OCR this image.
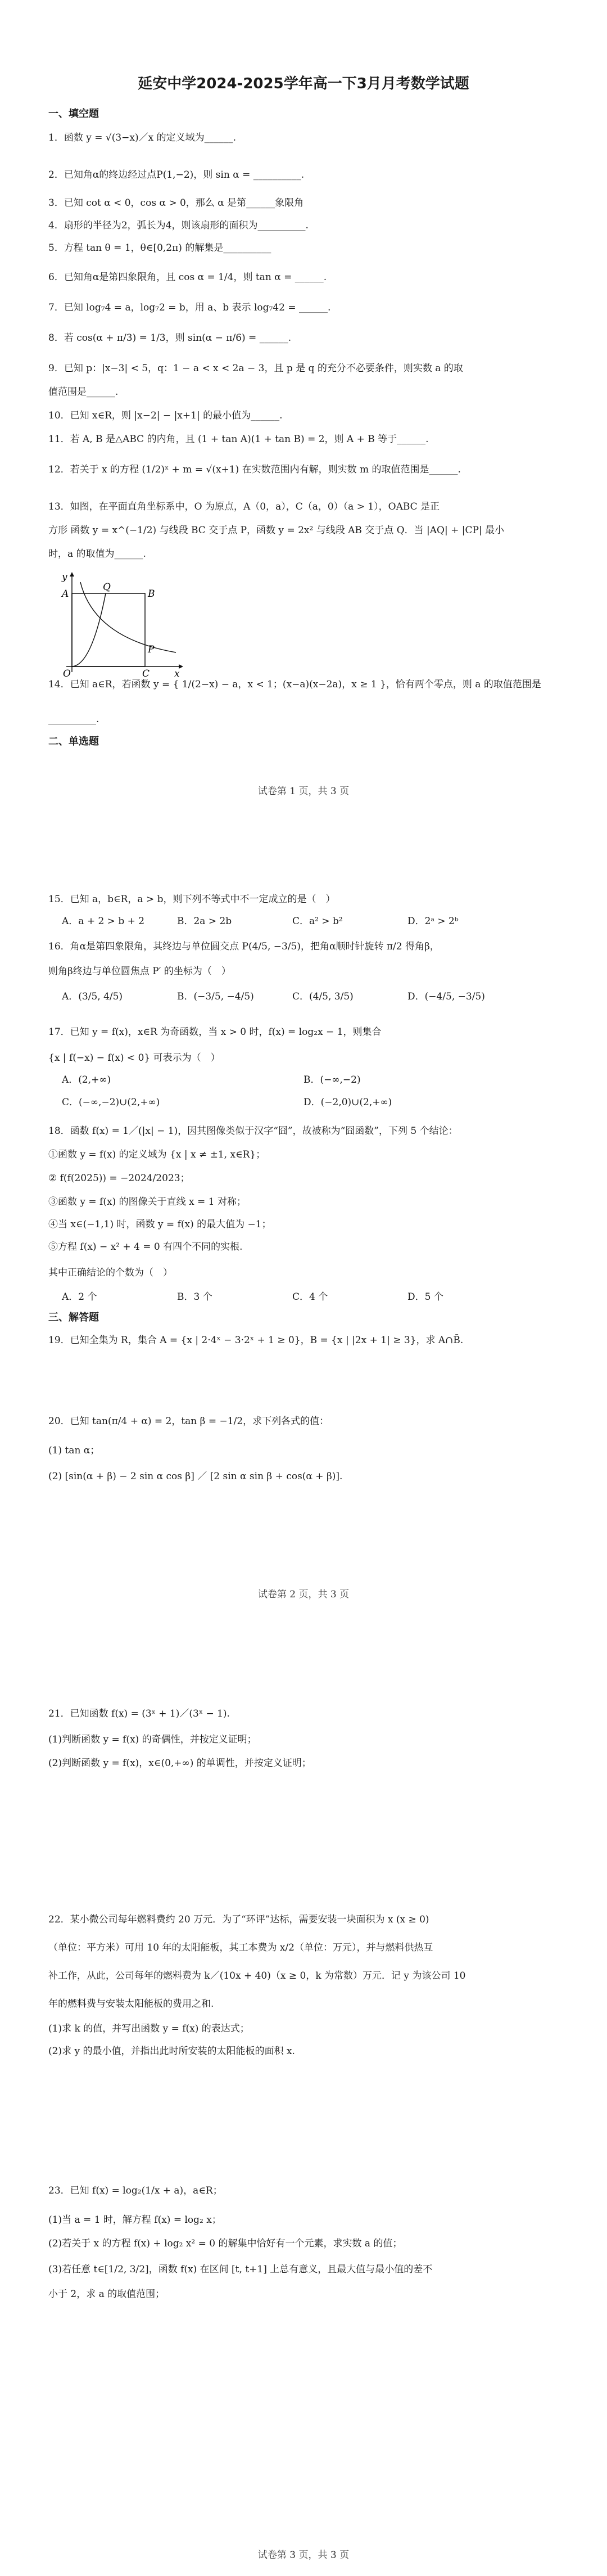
延安中学2024-2025学年高一下3月月考数学试题
一、填空题
1．函数 y = √(3−x)／x 的定义域为______.
2．已知角α的终边经过点P(1,−2)，则 sin α = __________.
3．已知 cot α < 0，cos α > 0，那么 α 是第______象限角
4．扇形的半径为2，弧长为4，则该扇形的面积为__________.
5．方程 tan θ = 1，θ∈[0,2π) 的解集是__________
6．已知角α是第四象限角，且 cos α = 1/4，则 tan α = ______.
7．已知 log₇4 = a，log₇2 = b，用 a、b 表示 log₇42 = ______.
8．若 cos(α + π/3) = 1/3，则 sin(α − π/6) = ______.
9．已知 p：|x−3| < 5，q：1 − a < x < 2a − 3，且 p 是 q 的充分不必要条件，则实数 a 的取
值范围是______.
10．已知 x∈R，则 |x−2| − |x+1| 的最小值为______.
11．若 A, B 是△ABC 的内角，且 (1 + tan A)(1 + tan B) = 2，则 A + B 等于______.
12．若关于 x 的方程 (1/2)ˣ + m = √(x+1) 在实数范围内有解，则实数 m 的取值范围是______.
13．如图，在平面直角坐标系中，O 为原点，A（0，a），C（a，0）（a > 1），OABC 是正
方形 函数 y = x^(−1/2) 与线段 BC 交于点 P，函数 y = 2x² 与线段 AB 交于点 Q．当 |AQ| + |CP| 最小
时，a 的取值为______.
y
x
A	B
C
O
P
Q
14．已知 a∈R，若函数 y = { 1/(2−x) − a，x < 1；(x−a)(x−2a)，x ≥ 1 }，恰有两个零点，则 a 的取值范围是
__________.
二、单选题
试卷第 1 页，共 3 页
15．已知 a，b∈R，a > b，则下列不等式中不一定成立的是（　）
A．a + 2 > b + 2	B．2a > 2b	C．a² > b²	D．2ᵃ > 2ᵇ
16．角α是第四象限角，其终边与单位圆交点 P(4/5, −3/5)，把角α顺时针旋转 π/2 得角β，
则角β终边与单位圆焦点 P′ 的坐标为（　）
A．(3/5, 4/5)	B．(−3/5, −4/5)	C．(4/5, 3/5)	D．(−4/5, −3/5)
17．已知 y = f(x)，x∈R 为奇函数，当 x > 0 时，f(x) = log₂x − 1，则集合
{x | f(−x) − f(x) < 0} 可表示为（　）
A．(2,+∞)	B．(−∞,−2)
C．(−∞,−2)∪(2,+∞)	D．(−2,0)∪(2,+∞)
18．函数 f(x) = 1／(|x| − 1)，因其图像类似于汉字“囧”，故被称为“囧函数”，下列 5 个结论：
①函数 y = f(x) 的定义域为 {x | x ≠ ±1, x∈R}；
② f(f(2025)) = −2024/2023；
③函数 y = f(x) 的图像关于直线 x = 1 对称；
④当 x∈(−1,1) 时，函数 y = f(x) 的最大值为 −1；
⑤方程 f(x) − x² + 4 = 0 有四个不同的实根.
其中正确结论的个数为（　）
A．2 个	B．3 个	C．4 个	D．5 个
三、解答题
19．已知全集为 R，集合 A = {x | 2·4ˣ − 3·2ˣ + 1 ≥ 0}，B = {x | |2x + 1| ≥ 3}，求 A∩B̄.
20．已知 tan(π/4 + α) = 2，tan β = −1/2，求下列各式的值：
(1) tan α；
(2) [sin(α + β) − 2 sin α cos β] ／ [2 sin α sin β + cos(α + β)].
试卷第 2 页，共 3 页
21．已知函数 f(x) = (3ˣ + 1)／(3ˣ − 1).
(1)判断函数 y = f(x) 的奇偶性，并按定义证明；
(2)判断函数 y = f(x)，x∈(0,+∞) 的单调性，并按定义证明；
22．某小微公司每年燃料费约 20 万元．为了“环评”达标，需要安装一块面积为 x (x ≥ 0)
（单位：平方米）可用 10 年的太阳能板，其工本费为 x/2（单位：万元），并与燃料供热互
补工作，从此，公司每年的燃料费为 k／(10x + 40)（x ≥ 0，k 为常数）万元．记 y 为该公司 10
年的燃料费与安装太阳能板的费用之和.
(1)求 k 的值，并写出函数 y = f(x) 的表达式；
(2)求 y 的最小值，并指出此时所安装的太阳能板的面积 x.
23．已知 f(x) = log₂(1/x + a)，a∈R；
(1)当 a = 1 时，解方程 f(x) = log₂ x；
(2)若关于 x 的方程 f(x) + log₂ x² = 0 的解集中恰好有一个元素，求实数 a 的值；
(3)若任意 t∈[1/2, 3/2]，函数 f(x) 在区间 [t, t+1] 上总有意义，且最大值与最小值的差不
小于 2，求 a 的取值范围；
试卷第 3 页，共 3 页
